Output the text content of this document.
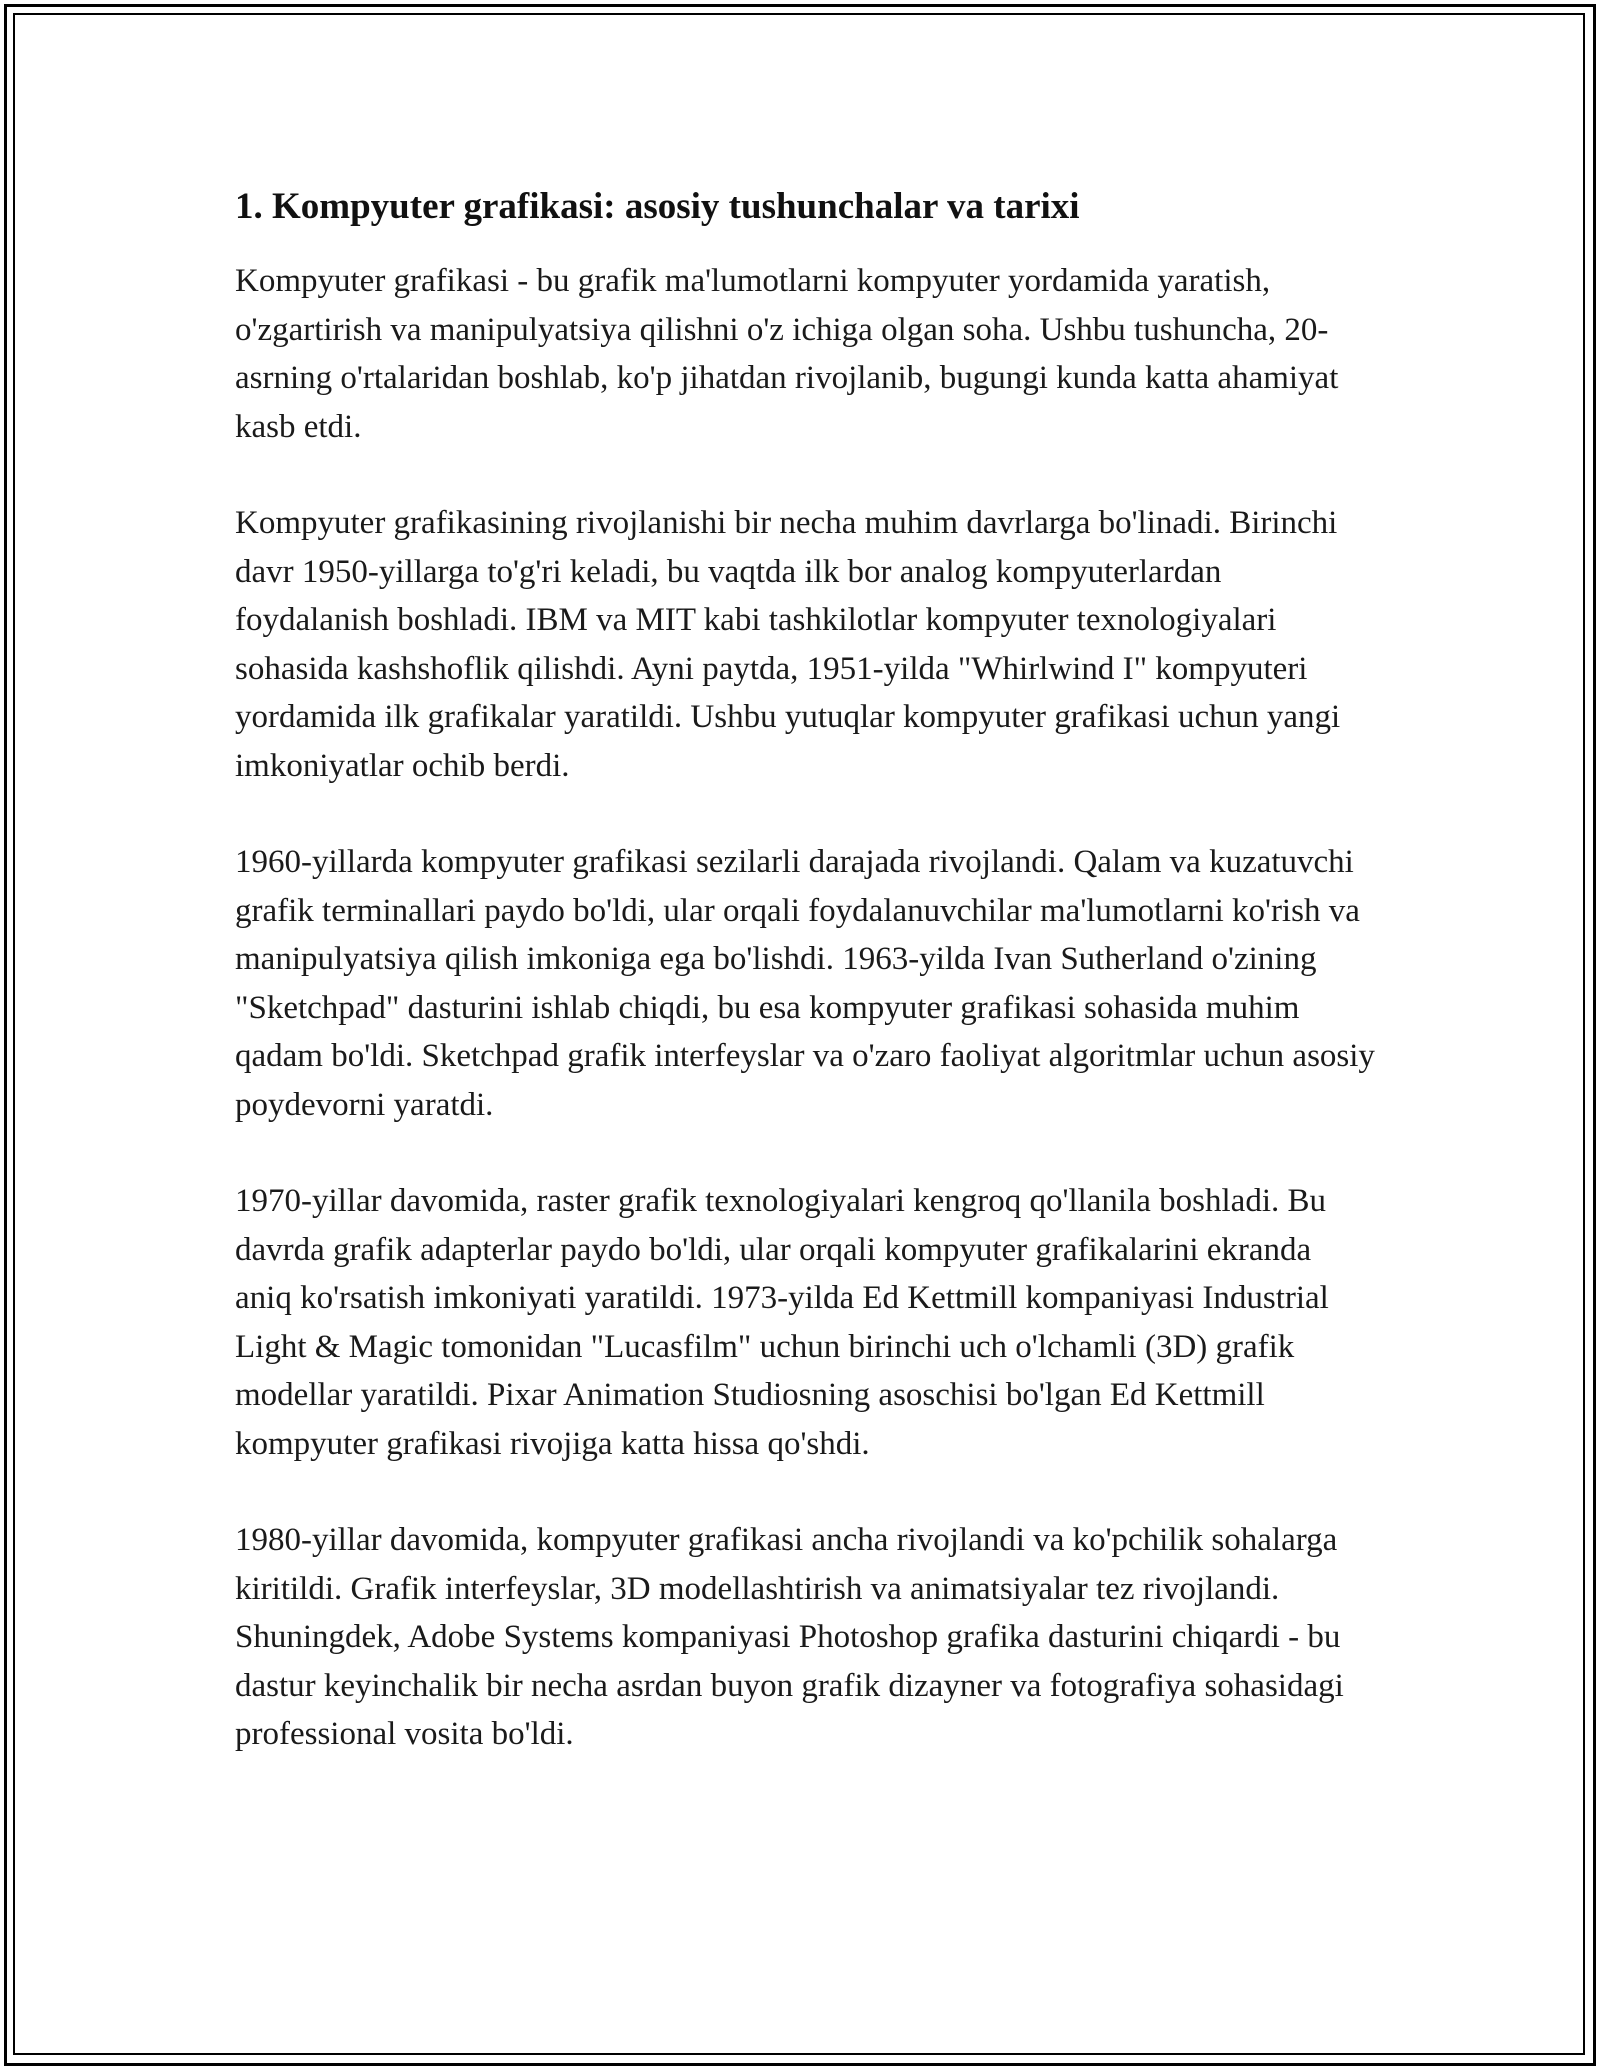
1. Kompyuter grafikasi: asosiy tushunchalar va tarixi

Kompyuter grafikasi - bu grafik ma'lumotlarni kompyuter yordamida yaratish, o'zgartirish va manipulyatsiya qilishni o'z ichiga olgan soha. Ushbu tushuncha, 20-asrning o'rtalaridan boshlab, ko'p jihatdan rivojlanib, bugungi kunda katta ahamiyat kasb etdi.

Kompyuter grafikasining rivojlanishi bir necha muhim davrlarga bo'linadi. Birinchi davr 1950-yillarga to'g'ri keladi, bu vaqtda ilk bor analog kompyuterlardan foydalanish boshladi. IBM va MIT kabi tashkilotlar kompyuter texnologiyalari sohasida kashshoflik qilishdi. Ayni paytda, 1951-yilda "Whirlwind I" kompyuteri yordamida ilk grafikalar yaratildi. Ushbu yutuqlar kompyuter grafikasi uchun yangi imkoniyatlar ochib berdi.

1960-yillarda kompyuter grafikasi sezilarli darajada rivojlandi. Qalam va kuzatuvchi grafik terminallari paydo bo'ldi, ular orqali foydalanuvchilar ma'lumotlarni ko'rish va manipulyatsiya qilish imkoniga ega bo'lishdi. 1963-yilda Ivan Sutherland o'zining "Sketchpad" dasturini ishlab chiqdi, bu esa kompyuter grafikasi sohasida muhim qadam bo'ldi. Sketchpad grafik interfeyslar va o'zaro faoliyat algoritmlar uchun asosiy poydevorni yaratdi.

1970-yillar davomida, raster grafik texnologiyalari kengroq qo'llanila boshladi. Bu davrda grafik adapterlar paydo bo'ldi, ular orqali kompyuter grafikalarini ekranda aniq ko'rsatish imkoniyati yaratildi. 1973-yilda Ed Kettmill kompaniyasi Industrial Light & Magic tomonidan "Lucasfilm" uchun birinchi uch o'lchamli (3D) grafik modellar yaratildi. Pixar Animation Studiosning asoschisi bo'lgan Ed Kettmill kompyuter grafikasi rivojiga katta hissa qo'shdi.

1980-yillar davomida, kompyuter grafikasi ancha rivojlandi va ko'pchilik sohalarga kiritildi. Grafik interfeyslar, 3D modellashtirish va animatsiyalar tez rivojlandi. Shuningdek, Adobe Systems kompaniyasi Photoshop grafika dasturini chiqardi - bu dastur keyinchalik bir necha asrdan buyon grafik dizayner va fotografiya sohasidagi professional vosita bo'ldi.
